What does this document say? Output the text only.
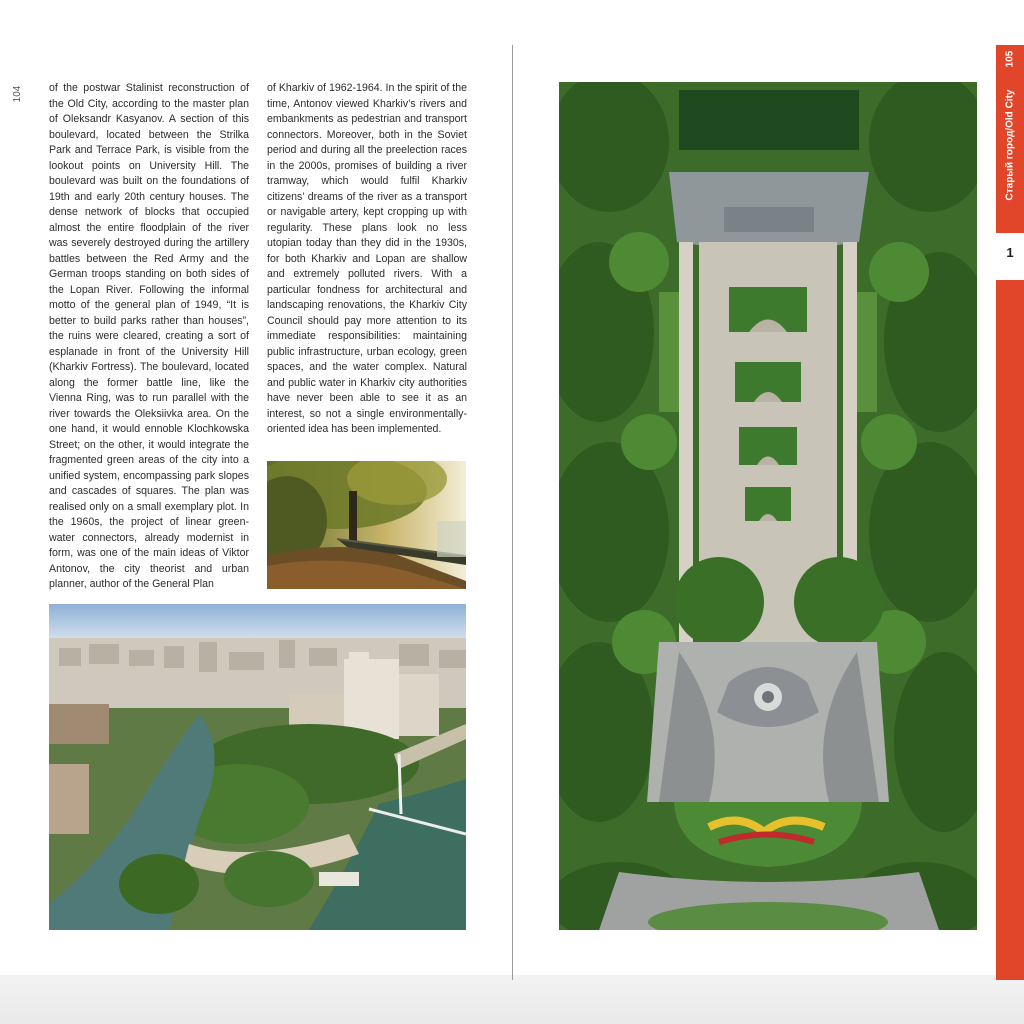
104	of the postwar Stalinist reconstruction of the Old City, according to the master plan of Oleksandr Kasyanov. A section of this boulevard, located between the Strilka Park and Terrace Park, is visible from the lookout points on University Hill. The boulevard was built on the foundations of 19th and early 20th century houses. The dense network of blocks that occupied almost the entire floodplain of the river was severely destroyed during the artillery battles between the Red Army and the German troops standing on both sides of the Lopan River. Following the informal motto of the general plan of 1949, “It is better to build parks rather than houses”, the ruins were cleared, creating a sort of esplanade in front of the University Hill (Kharkiv Fortress). The boulevard, located along the former battle line, like the Vienna Ring, was to run parallel with the river towards the Oleksiivka area. On the one hand, it would ennoble Klochkowska Street; on the other, it would integrate the fragmented green areas of the city into a unified system, encompassing park slopes and cascades of squares. The plan was realised only on a small exemplary plot. In the 1960s, the project of linear green-water connectors, already modernist in form, was one of the main ideas of Viktor Antonov, the city theorist and urban planner, author of the General Plan

of Kharkiv of 1962-1964. In the spirit of the time, Antonov viewed Kharkiv’s rivers and embankments as pedestrian and transport connectors. Moreover, both in the Soviet period and during all the preelection races in the 2000s, promises of building a river tramway, which would fulfil Kharkiv citizens’ dreams of the river as a transport or navigable artery, kept cropping up with regularity. These plans look no less utopian today than they did in the 1930s, for both Kharkiv and Lopan are shallow and extremely polluted rivers. With a particular fondness for architectural and landscaping renovations, the Kharkiv City Council should pay more attention to its immediate responsibilities: maintaining public infrastructure, urban ecology, green spaces, and the water complex. Natural and public water in Kharkiv city authorities have never been able to see it as an interest, so not a single environmentally-oriented idea has been implemented.

105
Старый город/Old City
1
